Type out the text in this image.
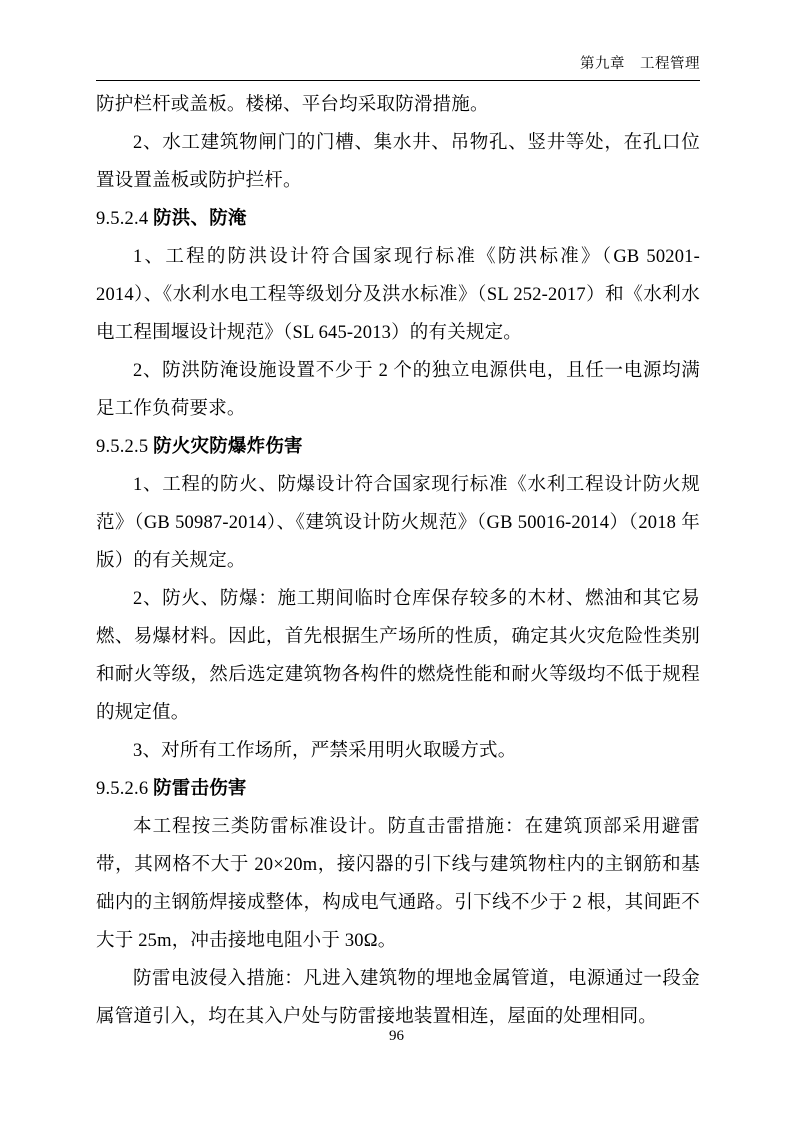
第九章　工程管理

防护栏杆或盖板。楼梯、平台均采取防滑措施。

2、水工建筑物闸门的门槽、集水井、吊物孔、竖井等处，在孔口位置设置盖板或防护拦杆。

9.5.2.4 防洪、防淹

1、工程的防洪设计符合国家现行标准《防洪标准》（GB 50201-2014）、《水利水电工程等级划分及洪水标准》（SL 252-2017）和《水利水电工程围堰设计规范》（SL 645-2013）的有关规定。

2、防洪防淹设施设置不少于 2 个的独立电源供电，且任一电源均满足工作负荷要求。

9.5.2.5 防火灾防爆炸伤害

1、工程的防火、防爆设计符合国家现行标准《水利工程设计防火规范》（GB 50987-2014）、《建筑设计防火规范》（GB 50016-2014）（2018 年版）的有关规定。

2、防火、防爆：施工期间临时仓库保存较多的木材、燃油和其它易燃、易爆材料。因此，首先根据生产场所的性质，确定其火灾危险性类别和耐火等级，然后选定建筑物各构件的燃烧性能和耐火等级均不低于规程的规定值。

3、对所有工作场所，严禁采用明火取暖方式。

9.5.2.6 防雷击伤害

本工程按三类防雷标准设计。防直击雷措施：在建筑顶部采用避雷带，其网格不大于 20×20m，接闪器的引下线与建筑物柱内的主钢筋和基础内的主钢筋焊接成整体，构成电气通路。引下线不少于 2 根，其间距不大于 25m，冲击接地电阻小于 30Ω。

防雷电波侵入措施：凡进入建筑物的埋地金属管道，电源通过一段金属管道引入，均在其入户处与防雷接地装置相连，屋面的处理相同。

96
